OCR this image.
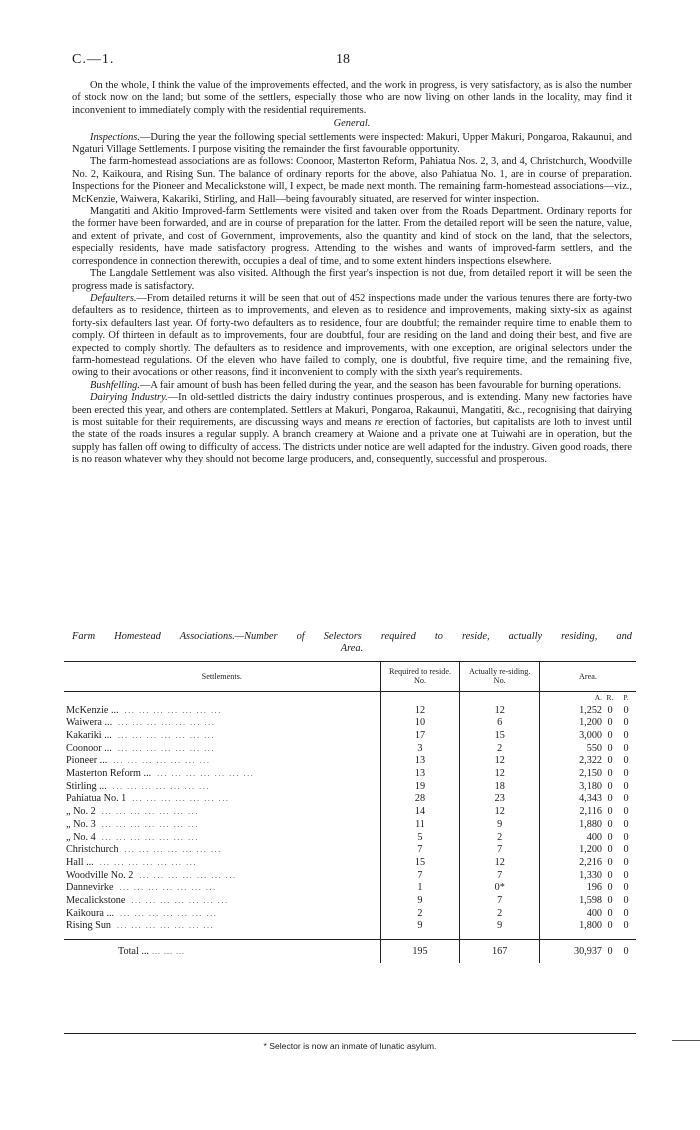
C.—1.	18

On the whole, I think the value of the improvements effected, and the work in progress, is very satisfactory, as is also the number of stock now on the land; but some of the settlers, especially those who are now living on other lands in the locality, may find it inconvenient to immediately comply with the residential requirements.

General.

Inspections.—During the year the following special settlements were inspected: Makuri, Upper Makuri, Pongaroa, Rakaunui, and Ngaturi Village Settlements. I purpose visiting the remainder the first favourable opportunity.

The farm-homestead associations are as follows: Coonoor, Masterton Reform, Pahiatua Nos. 2, 3, and 4, Christchurch, Woodville No. 2, Kaikoura, and Rising Sun. The balance of ordinary reports for the above, also Pahiatua No. 1, are in course of preparation. Inspections for the Pioneer and Mecalickstone will, I expect, be made next month. The remaining farm-homestead associations—viz., McKenzie, Waiwera, Kakariki, Stirling, and Hall—being favourably situated, are reserved for winter inspection.

Mangatiti and Akitio Improved-farm Settlements were visited and taken over from the Roads Department. Ordinary reports for the former have been forwarded, and are in course of preparation for the latter. From the detailed report will be seen the nature, value, and extent of private, and cost of Government, improvements, also the quantity and kind of stock on the land, that the selectors, especially residents, have made satisfactory progress. Attending to the wishes and wants of improved-farm settlers, and the correspondence in connection therewith, occupies a deal of time, and to some extent hinders inspections elsewhere.

The Langdale Settlement was also visited. Although the first year's inspection is not due, from detailed report it will be seen the progress made is satisfactory.

Defaulters.—From detailed returns it will be seen that out of 452 inspections made under the various tenures there are forty-two defaulters as to residence, thirteen as to improvements, and eleven as to residence and improvements, making sixty-six as against forty-six defaulters last year. Of forty-two defaulters as to residence, four are doubtful; the remainder require time to enable them to comply. Of thirteen in default as to improvements, four are doubtful, four are residing on the land and doing their best, and five are expected to comply shortly. The defaulters as to residence and improvements, with one exception, are original selectors under the farm-homestead regulations. Of the eleven who have failed to comply, one is doubtful, five require time, and the remaining five, owing to their avocations or other reasons, find it inconvenient to comply with the sixth year's requirements.

Bushfelling.—A fair amount of bush has been felled during the year, and the season has been favourable for burning operations.

Dairying Industry.—In old-settled districts the dairy industry continues prosperous, and is extending. Many new factories have been erected this year, and others are contemplated. Settlers at Makuri, Pongaroa, Rakaunui, Mangatiti, &c., recognising that dairying is most suitable for their requirements, are discussing ways and means re erection of factories, but capitalists are loth to invest until the state of the roads insures a regular supply. A branch creamery at Waione and a private one at Tuiwahi are in operation, but the supply has fallen off owing to difficulty of access. The districts under notice are well adapted for the industry. Given good roads, there is no reason whatever why they should not become large producers, and, consequently, successful and prosperous.

Farm Homestead Associations.—Number of Selectors required to reside, actually residing, and
Area.
Settlements.	Required to reside. No.	Actually re-siding. No.	Area.

			A. R. P.

McKenzie ... ... ... ... ... ... ... ...	12	12	1,252 0 0

Waiwera ... ... ... ... ... ... ... ...	10	6	1,200 0 0

Kakariki ... ... ... ... ... ... ... ...	17	15	3,000 0 0

Coonoor ... ... ... ... ... ... ... ...	3	2	550 0 0

Pioneer ... ... ... ... ... ... ... ...	13	12	2,322 0 0

Masterton Reform ... ... ... ... ... ... ... ...	13	12	2,150 0 0

Stirling ... ... ... ... ... ... ... ...	19	18	3,180 0 0

Pahiatua No. 1 ... ... ... ... ... ... ...	28	23	4,343 0 0

„ No. 2 ... ... ... ... ... ... ...	14	12	2,116 0 0

„ No. 3 ... ... ... ... ... ... ...	11	9	1,880 0 0

„ No. 4 ... ... ... ... ... ... ...	5	2	400 0 0

Christchurch ... ... ... ... ... ... ...	7	7	1,200 0 0

Hall ... ... ... ... ... ... ... ...	15	12	2,216 0 0

Woodville No. 2 ... ... ... ... ... ... ...	7	7	1,330 0 0

Dannevirke ... ... ... ... ... ... ...	1	0*	196 0 0

Mecalickstone ... ... ... ... ... ... ...	9	7	1,598 0 0

Kaikoura ... ... ... ... ... ... ... ...	2	2	400 0 0

Rising Sun ... ... ... ... ... ... ...	9	9	1,800 0 0

Total ... ... ... ...	195	167	30,937 0 0
* Selector is now an inmate of lunatic asylum.
